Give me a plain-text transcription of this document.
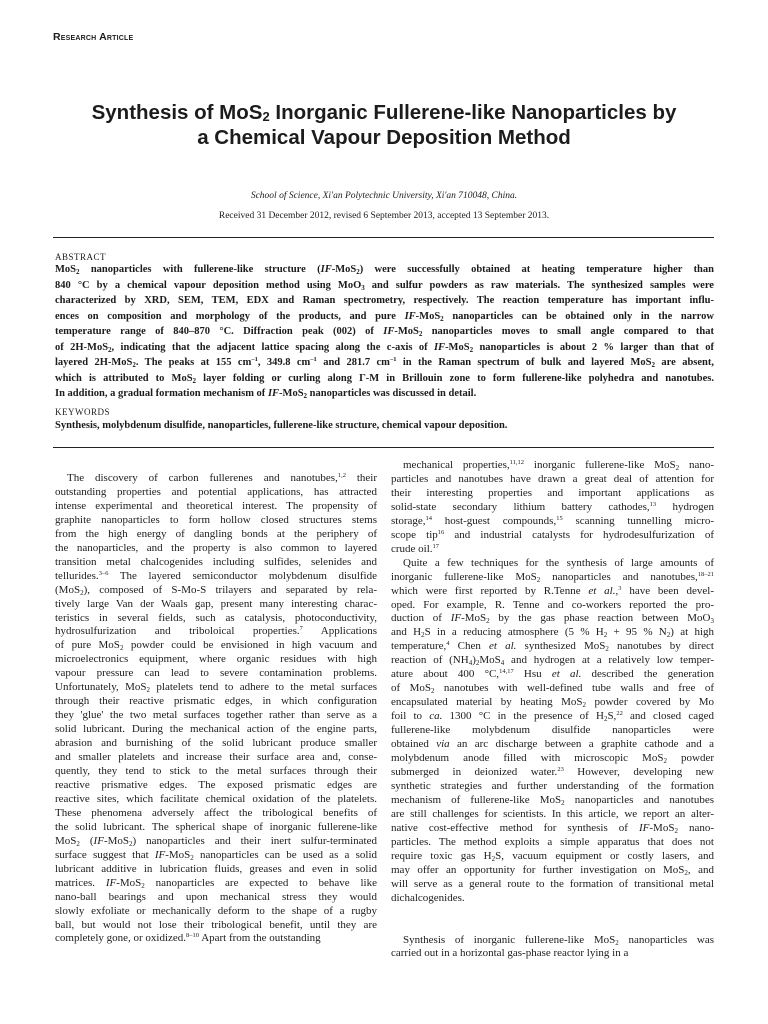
Research Article
Synthesis of MoS$_2$ Inorganic Fullerene-like Nanoparticles by
a Chemical Vapour Deposition Method
School of Science, Xi'an Polytechnic University, Xi'an 710048, China.
Received 31 December 2012, revised 6 September 2013, accepted 13 September 2013.
ABSTRACT
MoS$_2$ nanoparticles with fullerene-like structure (IF-MoS$_2$) were successfully obtained at heating temperature higher than
840 °C by a chemical vapour deposition method using MoO$_3$ and sulfur powders as raw materials. The synthesized samples were
characterized by XRD, SEM, TEM, EDX and Raman spectrometry, respectively. The reaction temperature has important influ-
ences on composition and morphology of the products, and pure IF-MoS$_2$ nanoparticles can be obtained only in the narrow
temperature range of 840–870 °C. Diffraction peak (002) of IF-MoS$_2$ nanoparticles moves to small angle compared to that
of 2H-MoS$_2$, indicating that the adjacent lattice spacing along the c-axis of IF-MoS$_2$ nanoparticles is about 2 % larger than that of
layered 2H-MoS$_2$. The peaks at 155 $cm^{-1}$, 349.8 $cm^{-1}$ and 281.7 $cm^{-1}$ in the Raman spectrum of bulk and layered MoS$_2$ are absent,
which is attributed to MoS$_2$ layer folding or curling along Γ-M in Brillouin zone to form fullerene-like polyhedra and nanotubes.
In addition, a gradual formation mechanism of IF-MoS$_2$ nanoparticles was discussed in detail.
KEYWORDS
Synthesis, molybdenum disulfide, nanoparticles, fullerene-like structure, chemical vapour deposition.
The discovery of carbon fullerenes and nanotubes,$^{1,2}$ their
outstanding properties and potential applications, has attracted
intense experimental and theoretical interest. The propensity of
graphite nanoparticles to form hollow closed structures stems
from the high energy of dangling bonds at the periphery of
the nanoparticles, and the property is also common to layered
transition metal chalcogenides including sulfides, selenides and
tellurides.$^{3-6}$ The layered semiconductor molybdenum disulfide
(MoS$_2$), composed of S-Mo-S trilayers and separated by rela-
tively large Van der Waals gap, present many interesting charac-
teristics in several fields, such as catalysis, photoconductivity,
hydrosulfurization and triboloical properties.$^7$ Applications
of pure MoS$_2$ powder could be envisioned in high vacuum and
microelectronics equipment, where organic residues with high
vapour pressure can lead to severe contamination problems.
Unfortunately, MoS$_2$ platelets tend to adhere to the metal surfaces
through their reactive prismatic edges, in which configuration
they 'glue' the two metal surfaces together rather than serve as a
solid lubricant. During the mechanical action of the engine parts,
abrasion and burnishing of the solid lubricant produce smaller
and smaller platelets and increase their surface area and, conse-
quently, they tend to stick to the metal surfaces through their
reactive prismative edges. The exposed prismatic edges are
reactive sites, which facilitate chemical oxidation of the platelets.
These phenomena adversely affect the tribological benefits of
the solid lubricant. The spherical shape of inorganic fullerene-like
MoS$_2$ (IF-MoS$_2$) nanoparticles and their inert sulfur-terminated
surface suggest that IF-MoS$_2$ nanoparticles can be used as a solid
lubricant additive in lubrication fluids, greases and even in solid
matrices. IF-MoS$_2$ nanoparticles are expected to behave like
nano-ball bearings and upon mechanical stress they would
slowly exfoliate or mechanically deform to the shape of a rugby
ball, but would not lose their tribological benefit, until they are
completely gone, or oxidized.$^{8-10}$ Apart from the outstanding
mechanical properties,$^{11,12}$ inorganic fullerene-like MoS$_2$ nano-
particles and nanotubes have drawn a great deal of attention for
their interesting properties and important applications as
solid-state secondary lithium battery cathodes,$^{13}$ hydrogen
storage,$^{14}$ host-guest compounds,$^{15}$ scanning tunnelling micro-
scope tip$^{16}$ and industrial catalysts for hydrodesulfurization of
crude oil.$^{17}$
Quite a few techniques for the synthesis of large amounts of
inorganic fullerene-like MoS$_2$ nanoparticles and nanotubes,$^{18-21}$
which were first reported by R.Tenne et al.,$^3$ have been devel-
oped. For example, R. Tenne and co-workers reported the pro-
duction of IF-MoS$_2$ by the gas phase reaction between MoO$_3$
and $H_2S$ in a reducing atmosphere (5 % $H_2 + 95$ % $N_2$) at high
temperature,$^4$ Chen et al. synthesized MoS$_2$ nanotubes by direct
reaction of $(NH_4)_2MoS_4$ and hydrogen at a relatively low temper-
ature about 400 °C,$^{14,17}$ Hsu et al. described the generation
of MoS$_2$ nanotubes with well-defined tube walls and free of
encapsulated material by heating MoS$_2$ powder covered by Mo
foil to ca. 1300 °C in the presence of $H_2S,^{22}$ and closed caged
fullerene-like molybdenum disulfide nanoparticles were
obtained via an arc discharge between a graphite cathode and a
molybdenum anode filled with microscopic MoS$_2$ powder
submerged in deionized water.$^{23}$ However, developing new
synthetic strategies and further understanding of the formation
mechanism of fullerene-like MoS$_2$ nanoparticles and nanotubes
are still challenges for scientists. In this article, we report an alter-
native cost-effective method for synthesis of IF-MoS$_2$ nano-
particles. The method exploits a simple apparatus that does not
require toxic gas $H_2S$, vacuum equipment or costly lasers, and
may offer an opportunity for further investigation on MoS$_2$, and
will serve as a general route to the formation of transitional metal
dichalcogenides.
Synthesis of inorganic fullerene-like MoS$_2$ nanoparticles was
carried out in a horizontal gas-phase reactor lying in a
